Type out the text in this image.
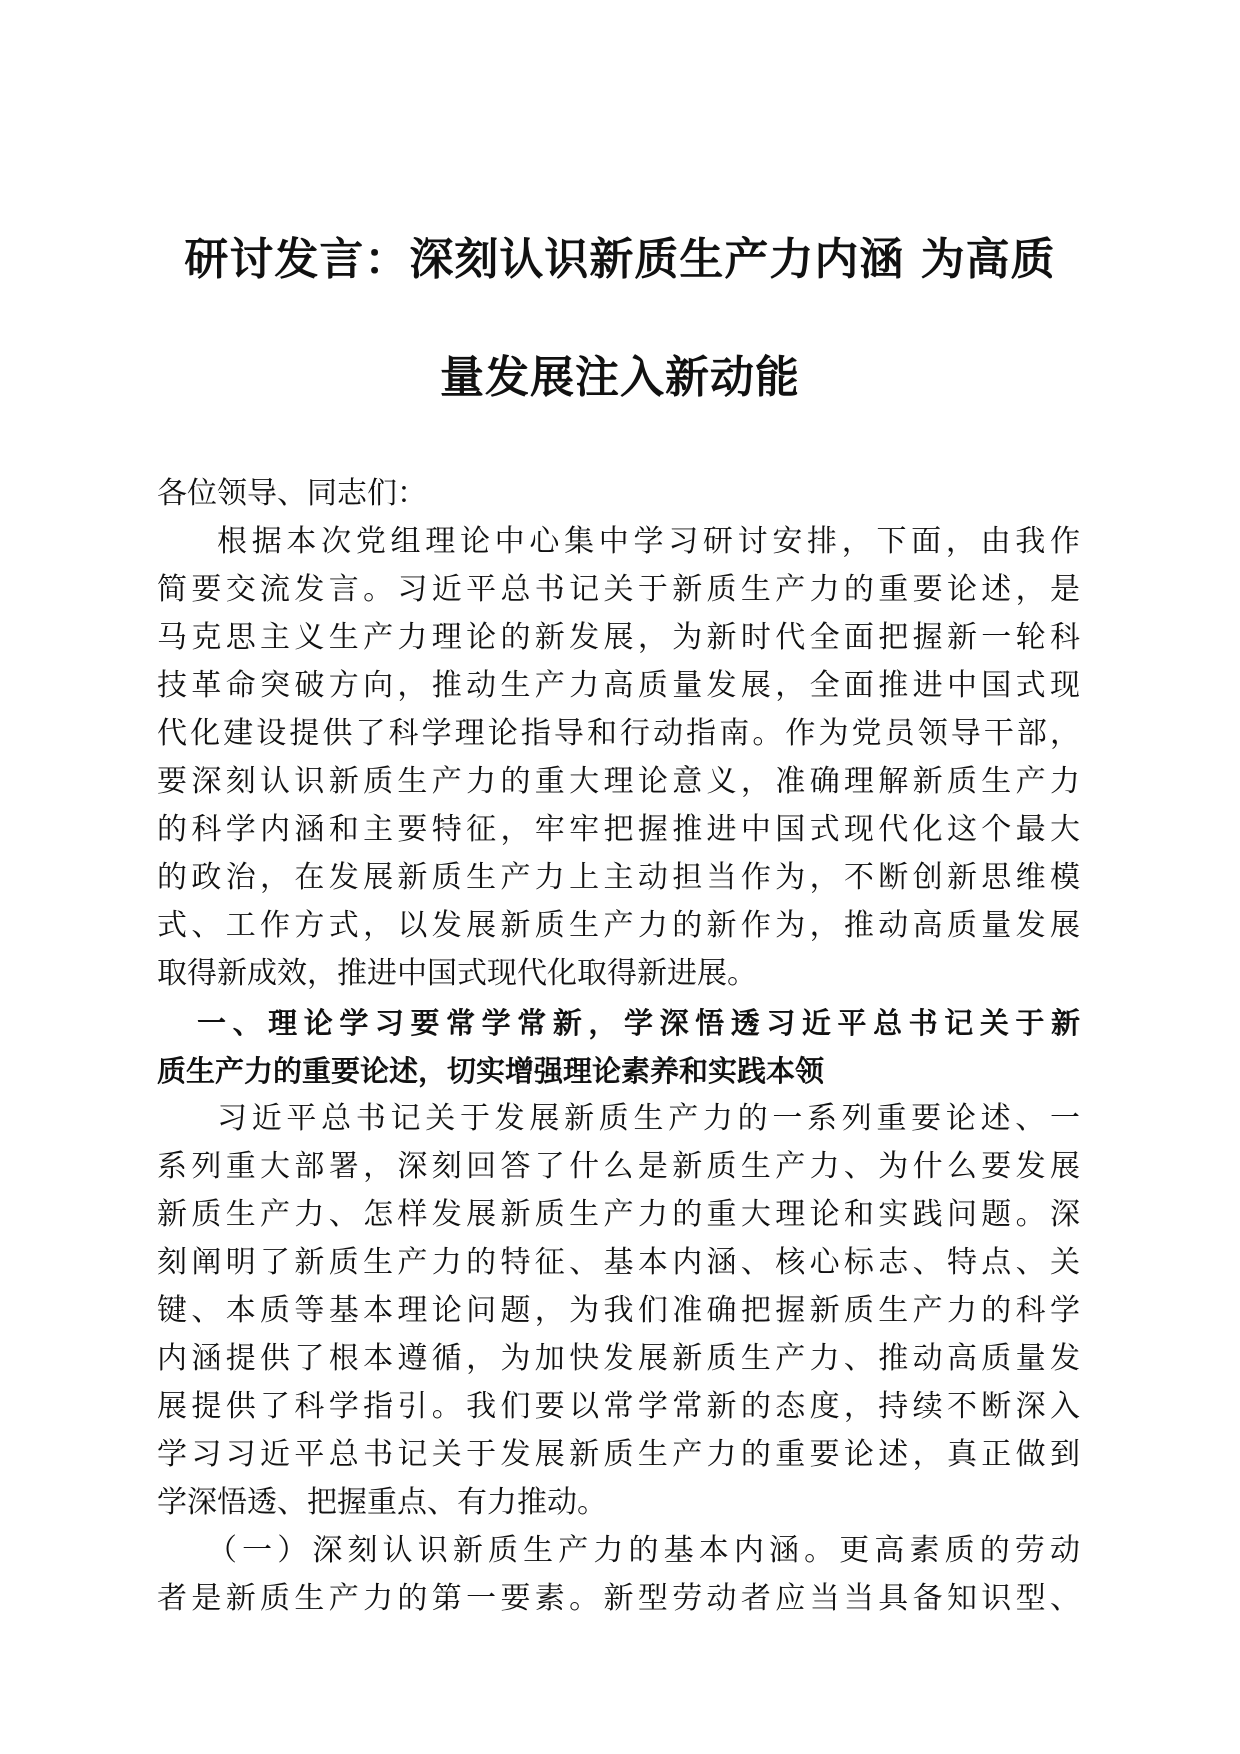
研讨发言：深刻认识新质生产力内涵 为高质
量发展注入新动能
各位领导、同志们：
根据本次党组理论中心集中学习研讨安排，下面，由我作
简要交流发言。习近平总书记关于新质生产力的重要论述，是
马克思主义生产力理论的新发展，为新时代全面把握新一轮科
技革命突破方向，推动生产力高质量发展，全面推进中国式现
代化建设提供了科学理论指导和行动指南。作为党员领导干部，
要深刻认识新质生产力的重大理论意义，准确理解新质生产力
的科学内涵和主要特征，牢牢把握推进中国式现代化这个最大
的政治，在发展新质生产力上主动担当作为，不断创新思维模
式、工作方式，以发展新质生产力的新作为，推动高质量发展
取得新成效，推进中国式现代化取得新进展。
一、理论学习要常学常新，学深悟透习近平总书记关于新
质生产力的重要论述，切实增强理论素养和实践本领
习近平总书记关于发展新质生产力的一系列重要论述、一
系列重大部署，深刻回答了什么是新质生产力、为什么要发展
新质生产力、怎样发展新质生产力的重大理论和实践问题。深
刻阐明了新质生产力的特征、基本内涵、核心标志、特点、关
键、本质等基本理论问题，为我们准确把握新质生产力的科学
内涵提供了根本遵循，为加快发展新质生产力、推动高质量发
展提供了科学指引。我们要以常学常新的态度，持续不断深入
学习习近平总书记关于发展新质生产力的重要论述，真正做到
学深悟透、把握重点、有力推动。
（一）深刻认识新质生产力的基本内涵。更高素质的劳动
者是新质生产力的第一要素。新型劳动者应当当具备知识型、
